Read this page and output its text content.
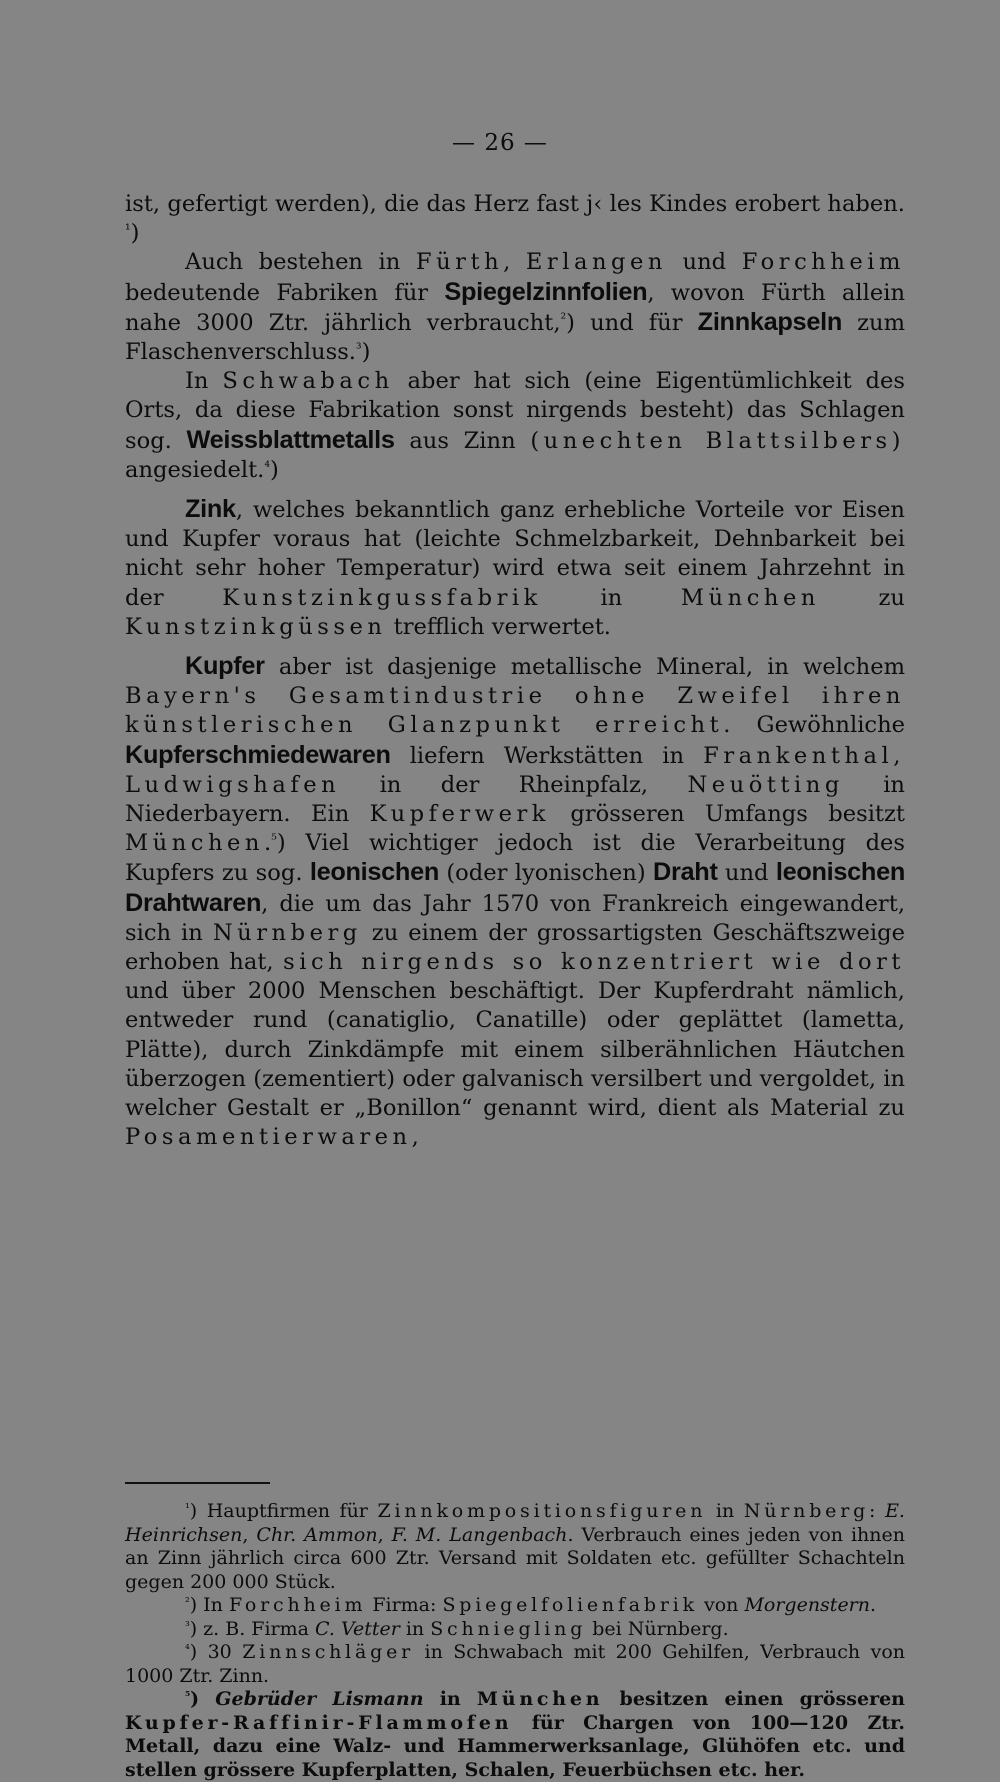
— 26 —

ist, gefertigt werden), die das Herz fast j‹ les Kindes erobert haben. $^{^1}$)

Auch bestehen in Fürth, Erlangen und Forchheim bedeutende Fabriken für Spiegelzinnfolien, wovon Fürth allein nahe 3000 Ztr. jährlich verbraucht,$^{^2}$) und für Zinnkapseln zum Flaschenverschluss.$^{^3}$)

In Schwabach aber hat sich (eine Eigentümlichkeit des Orts, da diese Fabrikation sonst nirgends besteht) das Schlagen sog. Weissblattmetalls aus Zinn (unechten Blattsilbers) angesiedelt.$^{^4}$)

Zink, welches bekanntlich ganz erhebliche Vorteile vor Eisen und Kupfer voraus hat (leichte Schmelzbarkeit, Dehnbarkeit bei nicht sehr hoher Temperatur) wird etwa seit einem Jahrzehnt in der Kunstzinkgussfabrik in München zu Kunstzinkgüssen trefflich verwertet.

Kupfer aber ist dasjenige metallische Mineral, in welchem Bayern's Gesamtindustrie ohne Zweifel ihren künstlerischen Glanzpunkt erreicht. Gewöhnliche Kupferschmiedewaren liefern Werkstätten in Frankenthal, Ludwigshafen in der Rheinpfalz, Neuötting in Niederbayern. Ein Kupferwerk grösseren Umfangs besitzt München.$^{^5}$) Viel wichtiger jedoch ist die Verarbeitung des Kupfers zu sog. leonischen (oder lyonischen) Draht und leonischen Drahtwaren, die um das Jahr 1570 von Frankreich eingewandert, sich in Nürnberg zu einem der grossartigsten Geschäftszweige erhoben hat, sich nirgends so konzentriert wie dort und über 2000 Menschen beschäftigt. Der Kupferdraht nämlich, entweder rund (canatiglio, Canatille) oder geplättet (lametta, Plätte), durch Zinkdämpfe mit einem silberähnlichen Häutchen überzogen (zementiert) oder galvanisch versilbert und vergoldet, in welcher Gestalt er „Bonillon“ genannt wird, dient als Material zu Posamentierwaren,

$^{^1}$) Hauptfirmen für Zinnkompositionsfiguren in Nürnberg: E. Heinrichsen, Chr. Ammon, F. M. Langenbach. Verbrauch eines jeden von ihnen an Zinn jährlich circa 600 Ztr. Versand mit Soldaten etc. gefüllter Schachteln gegen 200 000 Stück.

$^{^2}$) In Forchheim Firma: Spiegelfolienfabrik von Morgenstern.

$^{^3}$) z. B. Firma C. Vetter in Schniegling bei Nürnberg.

$^{^4}$) 30 Zinnschläger in Schwabach mit 200 Gehilfen, Verbrauch von 1000 Ztr. Zinn.

$^{^5}$) Gebrüder Lismann in München besitzen einen grösseren Kupfer-Raffinir-Flammofen für Chargen von 100—120 Ztr. Metall, dazu eine Walz- und Hammerwerksanlage, Glühöfen etc. und stellen grössere Kupferplatten, Schalen, Feuerbüchsen etc. her.
